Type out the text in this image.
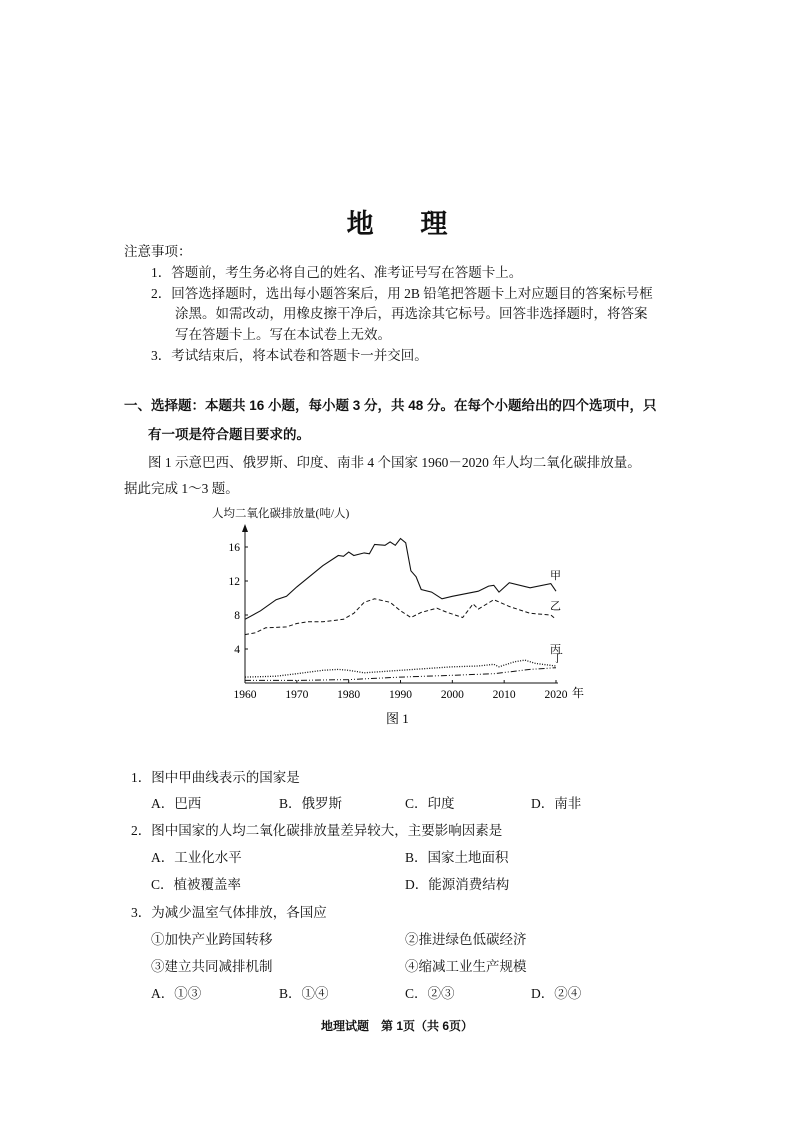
地 理
注意事项：
1．答题前，考生务必将自己的姓名、准考证号写在答题卡上。
2．回答选择题时，选出每小题答案后，用 2B 铅笔把答题卡上对应题目的答案标号框
涂黑。如需改动，用橡皮擦干净后，再选涂其它标号。回答非选择题时，将答案
写在答题卡上。写在本试卷上无效。
3．考试结束后，将本试卷和答题卡一并交回。
一、选择题：本题共 16 小题，每小题 3 分，共 48 分。在每个小题给出的四个选项中，只
有一项是符合题目要求的。
图 1 示意巴西、俄罗斯、印度、南非 4 个国家 1960－2020 年人均二氧化碳排放量。
据此完成 1～3 题。
人均二氧化碳排放量(吨/人)
1960	1970	1980	1990	2000	2010	2020
4
8
12
16
甲
乙
丙
丁
年
图 1
1．图中甲曲线表示的国家是
A．巴西	B．俄罗斯	C．印度	D．南非
2．图中国家的人均二氧化碳排放量差异较大，主要影响因素是
A．工业化水平	B．国家土地面积
C．植被覆盖率	D．能源消费结构
3．为减少温室气体排放，各国应
①加快产业跨国转移	②推进绿色低碳经济
③建立共同减排机制	④缩减工业生产规模
A．①③	B．①④	C．②③	D．②④
地理试题　第 1页（共 6页）
